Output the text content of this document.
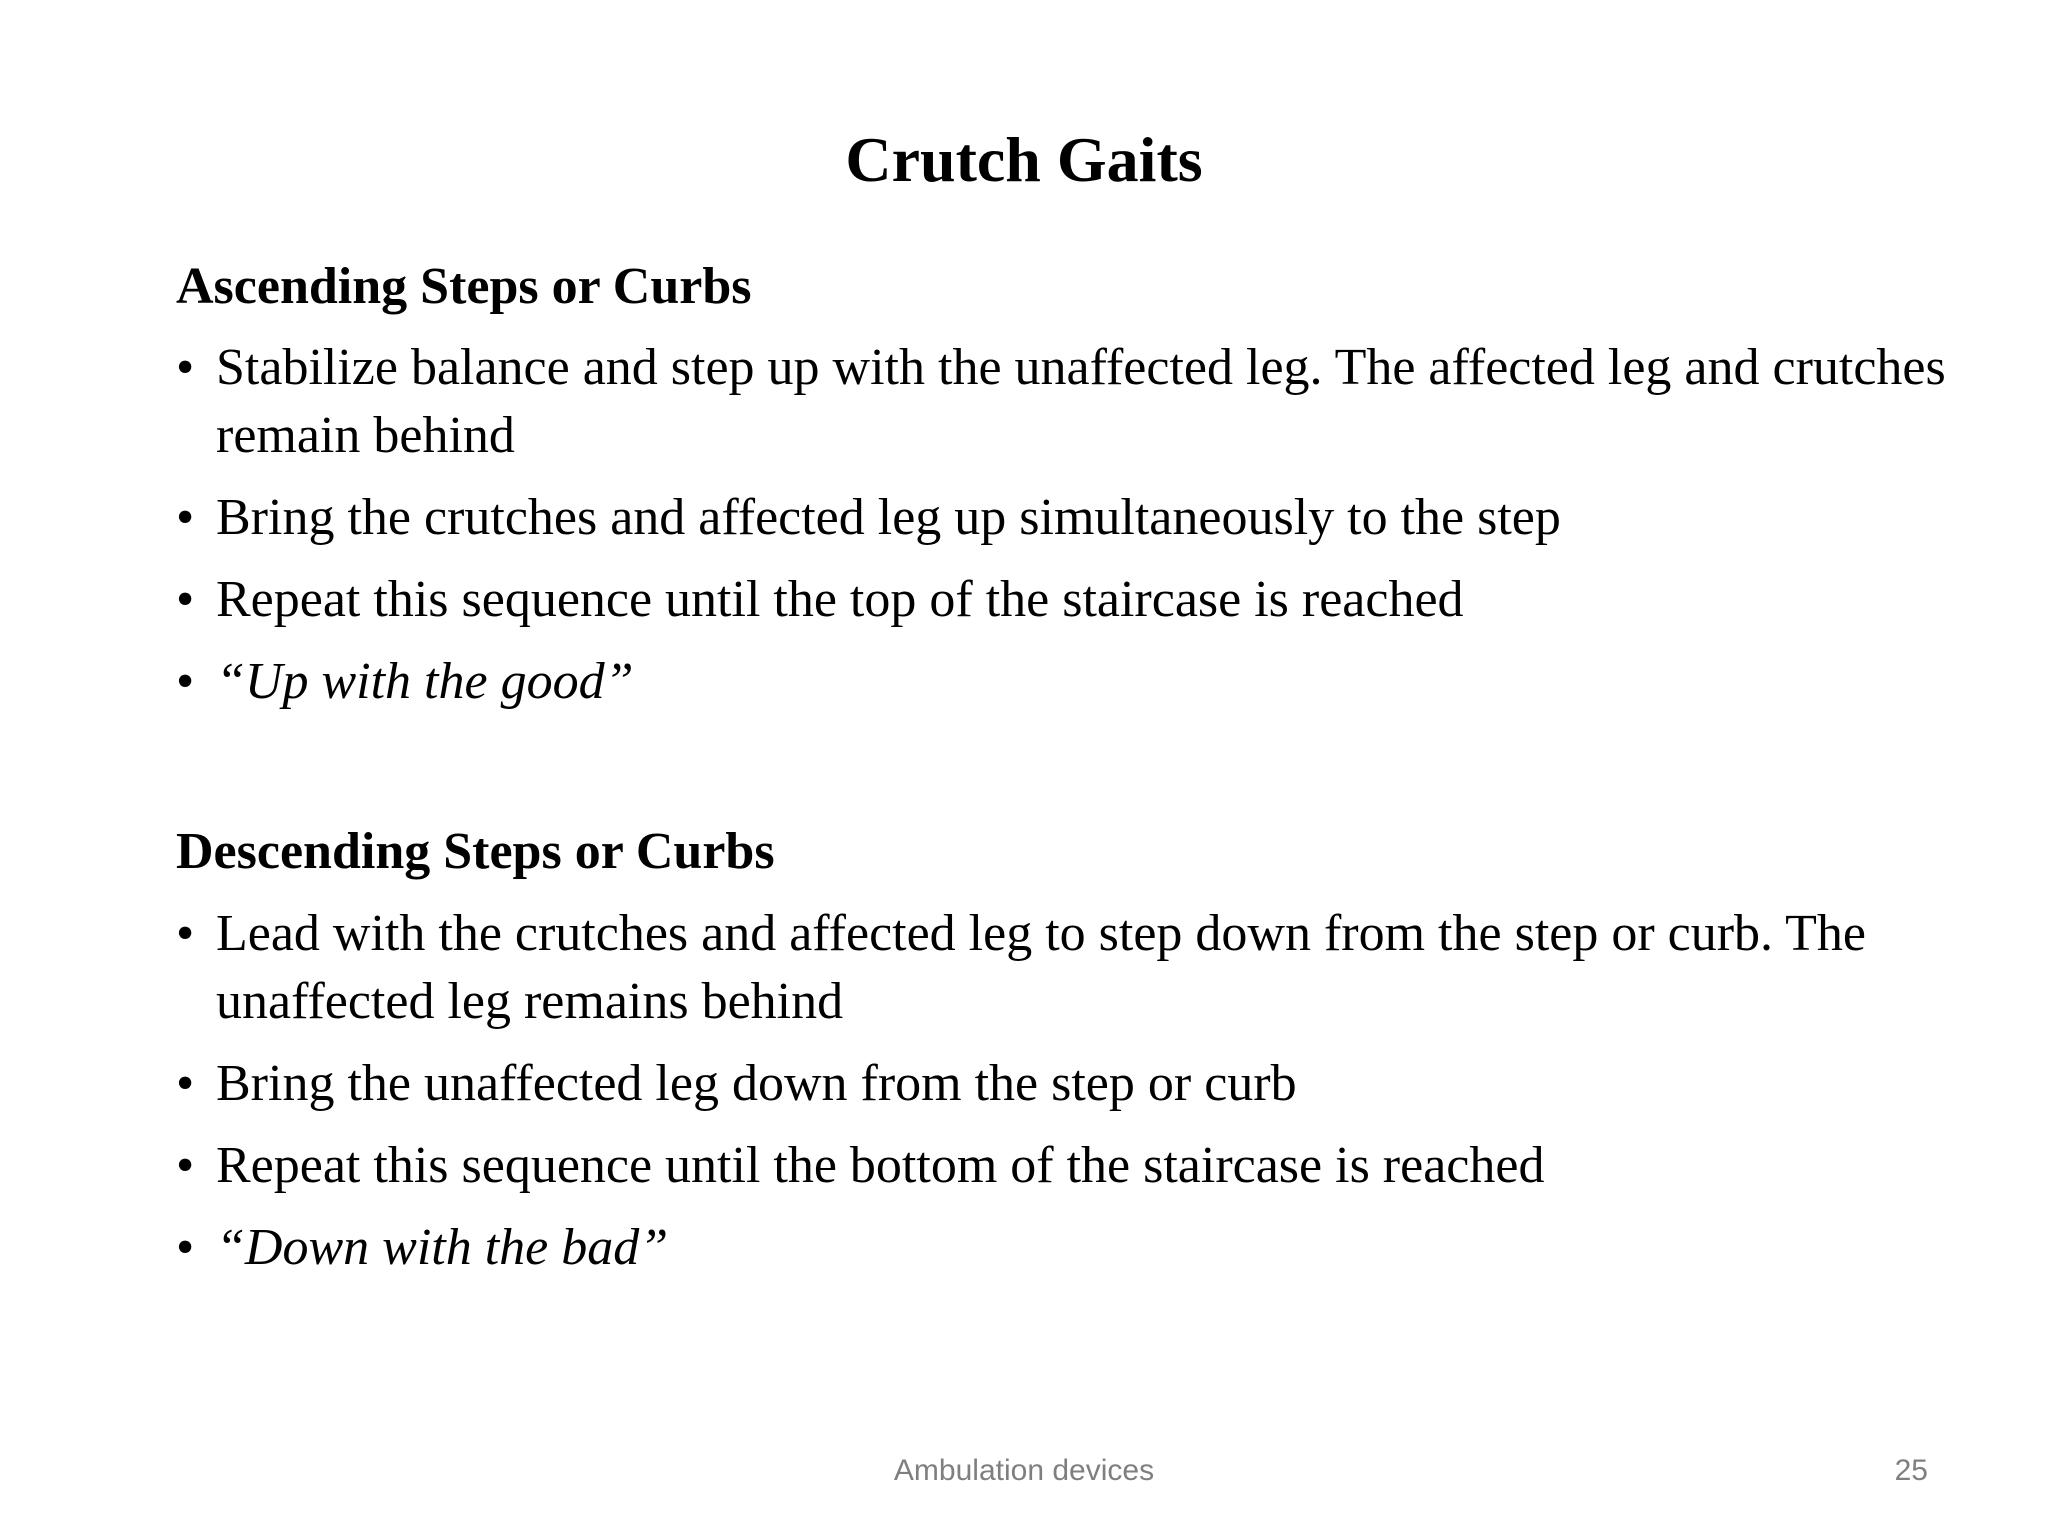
Crutch Gaits
Ascending Steps or Curbs
• Stabilize balance and step up with the unaffected leg. The affected leg and crutches remain behind
• Bring the crutches and affected leg up simultaneously to the step
• Repeat this sequence until the top of the staircase is reached
• “Up with the good”
Descending Steps or Curbs
• Lead with the crutches and affected leg to step down from the step or curb. The unaffected leg remains behind
• Bring the unaffected leg down from the step or curb
• Repeat this sequence until the bottom of the staircase is reached
• “Down with the bad”
Ambulation devices	25
